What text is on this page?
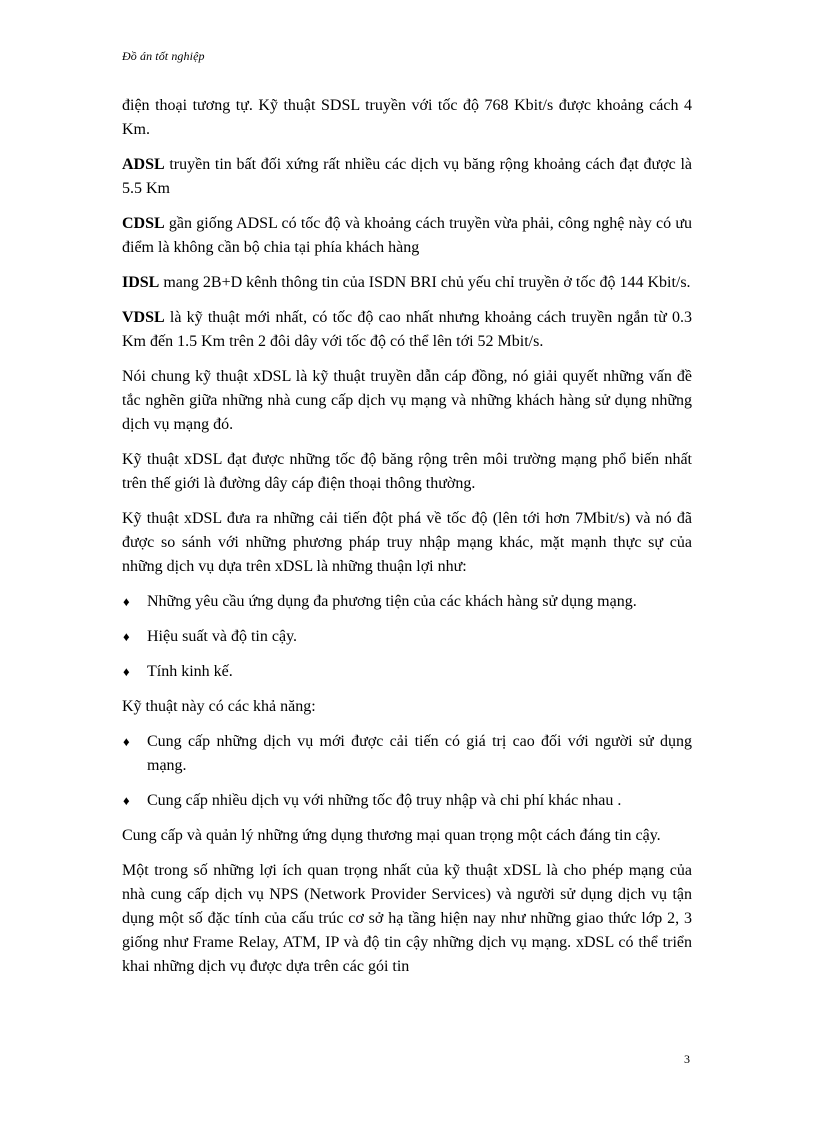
Đồ án tốt nghiệp

điện thoại tương tự. Kỹ thuật SDSL truyền với tốc độ 768 Kbit/s được khoảng cách 4 Km.

ADSL truyền tin bất đối xứng rất nhiều các dịch vụ băng rộng khoảng cách đạt được là 5.5 Km

CDSL gần giống ADSL có tốc độ và khoảng cách truyền vừa phải, công nghệ này có ưu điểm là không cần bộ chia tại phía khách hàng

IDSL mang 2B+D kênh thông tin của ISDN BRI chủ yếu chỉ truyền ở tốc độ 144 Kbit/s.

VDSL là kỹ thuật mới nhất, có tốc độ cao nhất nhưng khoảng cách truyền ngắn từ 0.3 Km đến 1.5 Km trên 2 đôi dây với tốc độ có thể lên tới 52 Mbit/s.

Nói chung kỹ thuật xDSL là kỹ thuật truyền dẫn cáp đồng, nó giải quyết những vấn đề tắc nghẽn giữa những nhà cung cấp dịch vụ mạng và những khách hàng sử dụng những dịch vụ mạng đó.

Kỹ thuật xDSL đạt được những tốc độ băng rộng trên môi trường mạng phổ biến nhất trên thế giới là đường dây cáp điện thoại thông thường.

Kỹ thuật xDSL đưa ra những cải tiến đột phá về tốc độ (lên tới hơn 7Mbit/s) và nó đã được so sánh với những phương pháp truy nhập mạng khác, mặt mạnh thực sự của những dịch vụ dựa trên xDSL là những thuận lợi như:

♦ Những yêu cầu ứng dụng đa phương tiện của các khách hàng sử dụng mạng.
♦ Hiệu suất và độ tin cậy.
♦ Tính kinh kế.

Kỹ thuật này có các khả năng:

♦ Cung cấp những dịch vụ mới được cải tiến có giá trị cao đối với người sử dụng mạng.
♦ Cung cấp nhiều dịch vụ với những tốc độ truy nhập và chi phí khác nhau .

Cung cấp và quản lý những ứng dụng thương mại quan trọng một cách đáng tin cậy.

Một trong số những lợi ích quan trọng nhất của kỹ thuật xDSL là cho phép mạng của nhà cung cấp dịch vụ NPS (Network Provider Services) và người sử dụng dịch vụ tận dụng một số đặc tính của cấu trúc cơ sở hạ tầng hiện nay như những giao thức lớp 2, 3 giống như Frame Relay, ATM, IP và độ tin cậy những dịch vụ mạng. xDSL có thể triển khai những dịch vụ được dựa trên các gói tin

3
